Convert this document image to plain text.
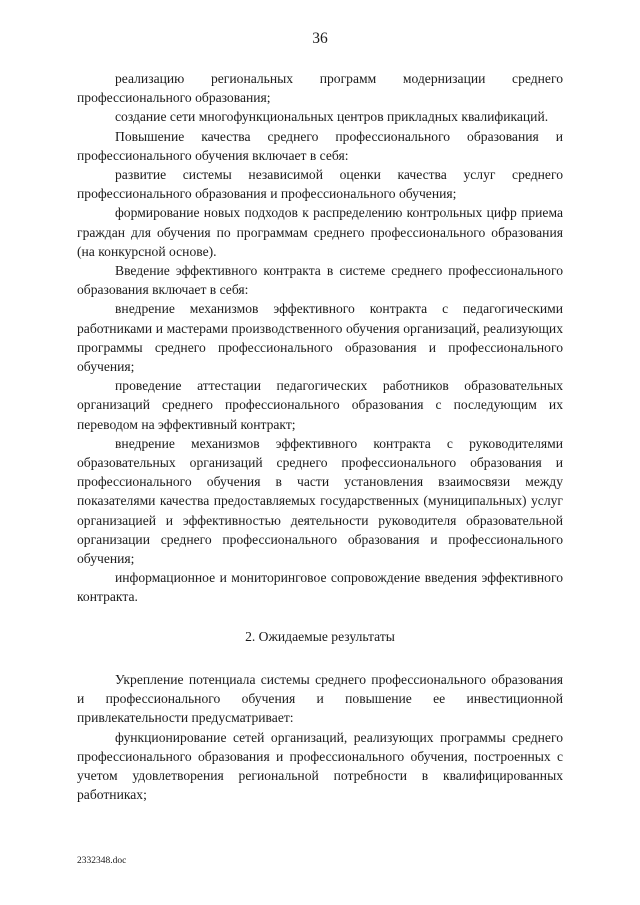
36

реализацию региональных программ модернизации среднего профессионального образования;

создание сети многофункциональных центров прикладных квалификаций.

Повышение качества среднего профессионального образования и профессионального обучения включает в себя:

развитие системы независимой оценки качества услуг среднего профессионального образования и профессионального обучения;

формирование новых подходов к распределению контрольных цифр приема граждан для обучения по программам среднего профессионального образования (на конкурсной основе).

Введение эффективного контракта в системе среднего профессионального образования включает в себя:

внедрение механизмов эффективного контракта с педагогическими работниками и мастерами производственного обучения организаций, реализующих программы среднего профессионального образования и профессионального обучения;

проведение аттестации педагогических работников образовательных организаций среднего профессионального образования с последующим их переводом на эффективный контракт;

внедрение механизмов эффективного контракта с руководителями образовательных организаций среднего профессионального образования и профессионального обучения в части установления взаимосвязи между показателями качества предоставляемых государственных (муниципальных) услуг организацией и эффективностью деятельности руководителя образовательной организации среднего профессионального образования и профессионального обучения;

информационное и мониторинговое сопровождение введения эффективного контракта.

2. Ожидаемые результаты

Укрепление потенциала системы среднего профессионального образования и профессионального обучения и повышение ее инвестиционной привлекательности предусматривает:

функционирование сетей организаций, реализующих программы среднего профессионального образования и профессионального обучения, построенных с учетом удовлетворения региональной потребности в квалифицированных работниках;

2332348.doc
